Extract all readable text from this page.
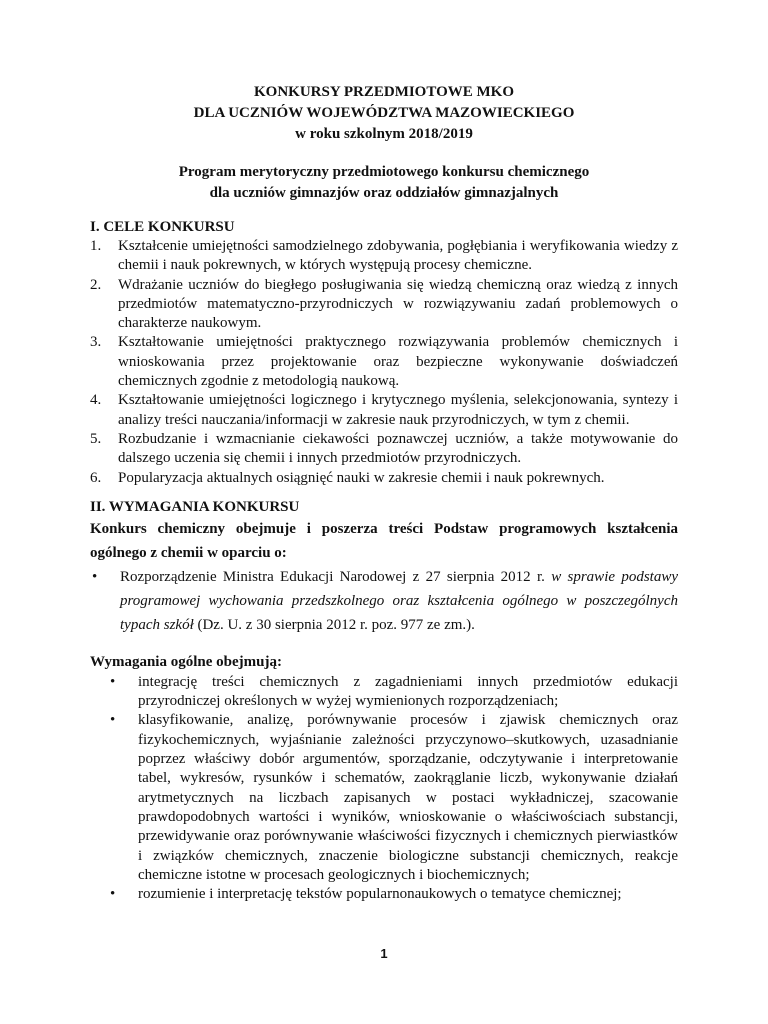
KONKURSY PRZEDMIOTOWE MKO
DLA UCZNIÓW WOJEWÓDZTWA MAZOWIECKIEGO
w roku szkolnym 2018/2019
Program merytoryczny przedmiotowego konkursu chemicznego
dla uczniów gimnazjów oraz oddziałów gimnazjalnych
I. CELE KONKURSU
1. Kształcenie umiejętności samodzielnego zdobywania, pogłębiania i weryfikowania wiedzy z chemii i nauk pokrewnych, w których występują procesy chemiczne.
2. Wdrażanie uczniów do biegłego posługiwania się wiedzą chemiczną oraz wiedzą z innych przedmiotów matematyczno-przyrodniczych w rozwiązywaniu zadań problemowych o charakterze naukowym.
3. Kształtowanie umiejętności praktycznego rozwiązywania problemów chemicznych i wnioskowania przez projektowanie oraz bezpieczne wykonywanie doświadczeń chemicznych zgodnie z metodologią naukową.
4. Kształtowanie umiejętności logicznego i krytycznego myślenia, selekcjonowania, syntezy i analizy treści nauczania/informacji w zakresie nauk przyrodniczych, w tym z chemii.
5. Rozbudzanie i wzmacnianie ciekawości poznawczej uczniów, a także motywowanie do dalszego uczenia się chemii i innych przedmiotów przyrodniczych.
6. Popularyzacja aktualnych osiągnięć nauki w zakresie chemii i nauk pokrewnych.
II. WYMAGANIA KONKURSU

Konkurs chemiczny obejmuje i poszerza treści Podstaw programowych kształcenia ogólnego z chemii w oparciu o:

• Rozporządzenie Ministra Edukacji Narodowej z 27 sierpnia 2012 r. w sprawie podstawy programowej wychowania przedszkolnego oraz kształcenia ogólnego w poszczególnych typach szkół (Dz. U. z 30 sierpnia 2012 r. poz. 977 ze zm.).
Wymagania ogólne obejmują:
• integrację treści chemicznych z zagadnieniami innych przedmiotów edukacji przyrodniczej określonych w wyżej wymienionych rozporządzeniach;
• klasyfikowanie, analizę, porównywanie procesów i zjawisk chemicznych oraz fizykochemicznych, wyjaśnianie zależności przyczynowo–skutkowych, uzasadnianie poprzez właściwy dobór argumentów, sporządzanie, odczytywanie i interpretowanie tabel, wykresów, rysunków i schematów, zaokrąglanie liczb, wykonywanie działań arytmetycznych na liczbach zapisanych w postaci wykładniczej, szacowanie prawdopodobnych wartości i wyników, wnioskowanie o właściwościach substancji, przewidywanie oraz porównywanie właściwości fizycznych i chemicznych pierwiastków i związków chemicznych, znaczenie biologiczne substancji chemicznych, reakcje chemiczne istotne w procesach geologicznych i biochemicznych;
• rozumienie i interpretację tekstów popularnonaukowych o tematyce chemicznej;
1
